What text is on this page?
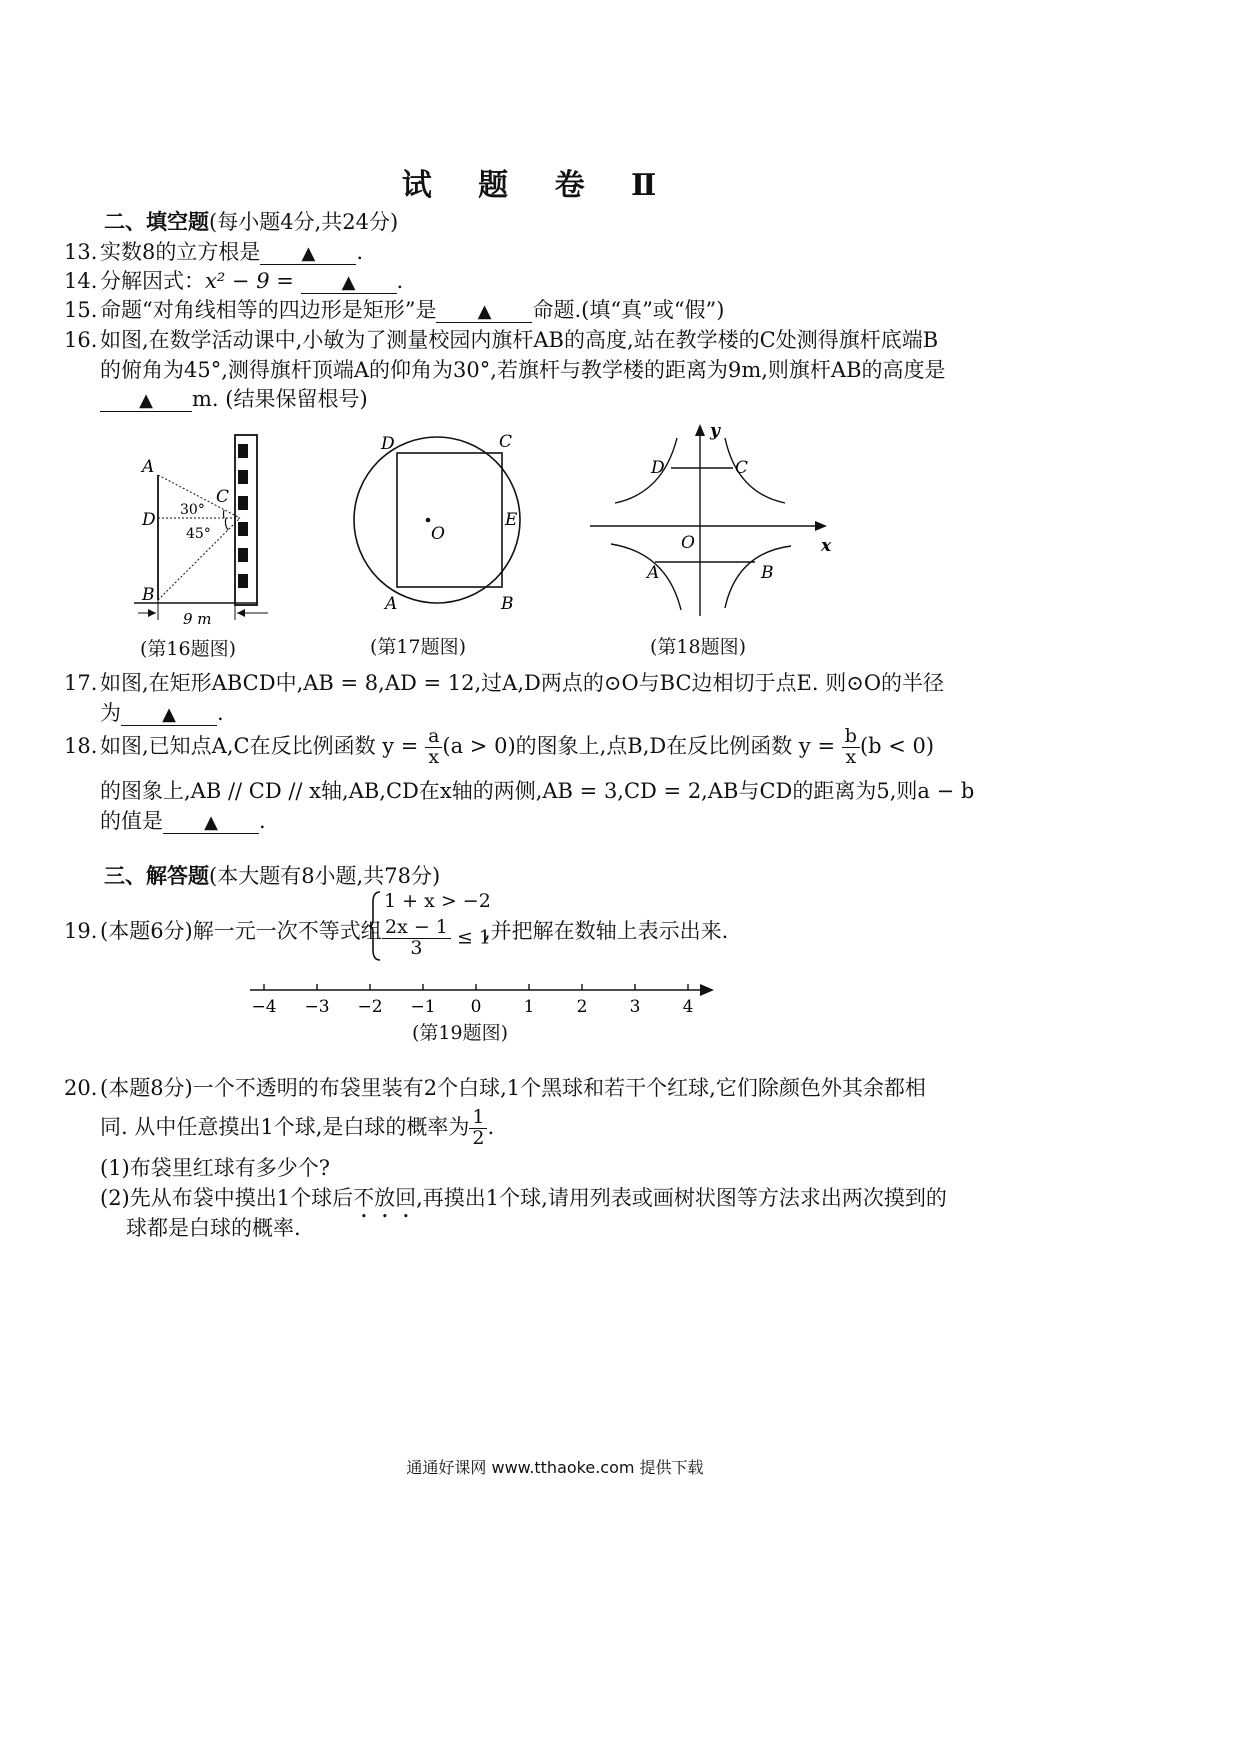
试 题 卷 Ⅱ
二、填空题(每小题4分,共24分)
13. 实数8的立方根是 ▲ .
14. 分解因式：x² − 9 =	▲ .
15. 命题“对角线相等的四边形是矩形”是 ▲ 命题.(填“真”或“假”)
16. 如图,在数学活动课中,小敏为了测量校园内旗杆AB的高度,站在教学楼的C处测得旗杆底端B
的俯角为45°,测得旗杆顶端A的仰角为30°,若旗杆与教学楼的距离为9m,则旗杆AB的高度是
▲ m. (结果保留根号)
A
D
B
C
30°
45°
9 m
(第16题图)
D	C
E
O
A	B
(第17题图)
y
x
D	C
O
A	B
(第18题图)
17. 如图,在矩形ABCD中,AB = 8,AD = 12,过A,D两点的⊙O与BC边相切于点E. 则⊙O的半径
为 ▲ .
18. 如图,已知点A,C在反比例函数 $y = \frac{a}{x} (a > 0)$的图象上,点B,D在反比例函数 $y = \frac{b}{x} (b < 0)$
的图象上,AB // CD // x轴,AB,CD在x轴的两侧,AB = 3,CD = 2,AB与CD的距离为5,则a − b
的值是 ▲ .
三、解答题(本大题有8小题,共78分)
19. (本题6分)解一元一次不等式组
1 + x > −2
$\frac{2x - 1}{3} \le 1$
,并把解在数轴上表示出来.
−4 −3 −2 −1 0 1 2 3 4
(第19题图)
20. (本题8分)一个不透明的布袋里装有2个白球,1个黑球和若干个红球,它们除颜色外其余都相
同. 从中任意摸出1个球,是白球的概率为 $\frac{1}{2}$ .
(1)布袋里红球有多少个?
(2)先从布袋中摸出1个球后不放回,再摸出1个球,请用列表或画树状图等方法求出两次摸到的
球都是白球的概率.
通通好课网 www.tthaoke.com 提供下载
